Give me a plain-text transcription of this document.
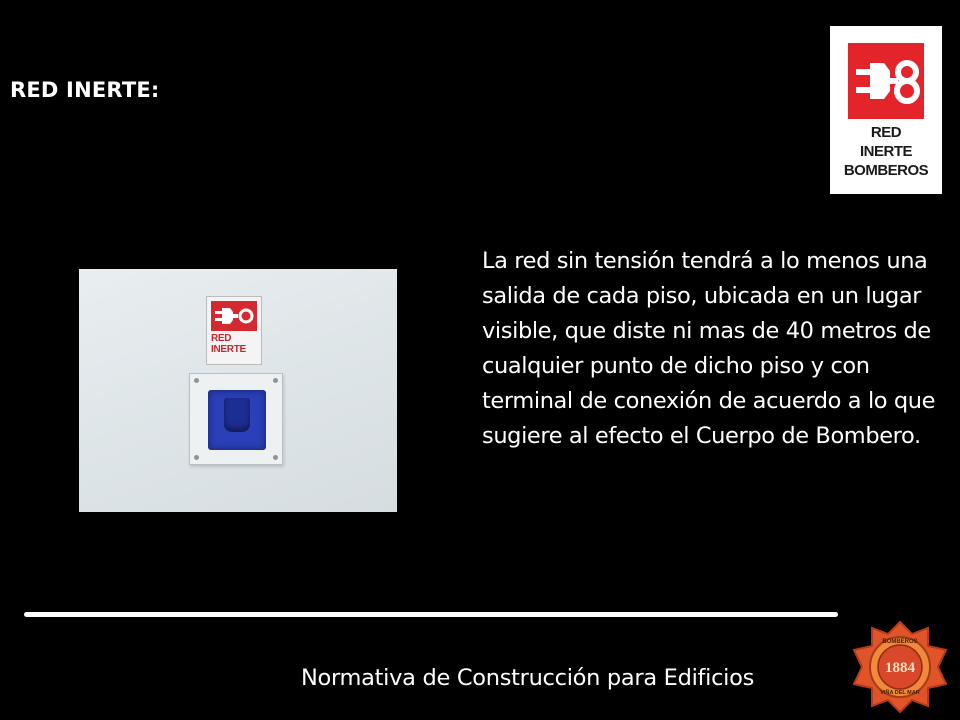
RED INERTE:
RED
INERTE
BOMBEROS
RED
INERTE
La red sin tensión tendrá a lo menos una salida de cada piso, ubicada en un lugar visible, que diste ni mas de 40 metros de cualquier punto de dicho piso y con terminal de conexión de acuerdo a lo que sugiere al efecto el Cuerpo de Bombero.
Normativa de Construcción para Edificios
BOMBEROS
1884
VIÑA DEL MAR
